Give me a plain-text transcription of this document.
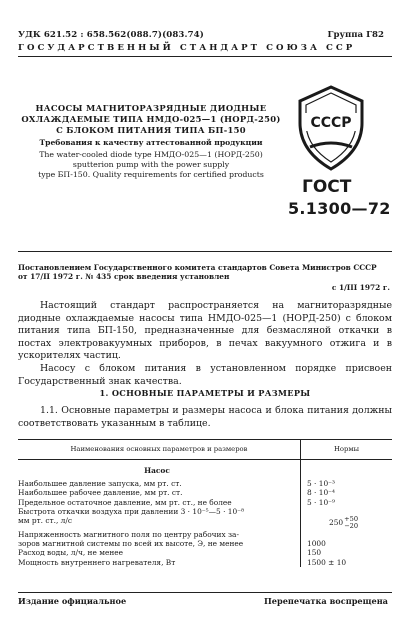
УДК 621.52 : 658.562(088.7)(083.74)	Группа Г82
ГОСУДАРСТВЕННЫЙ СТАНДАРТ СОЮЗА ССР
НАСОСЫ МАГНИТОРАЗРЯДНЫЕ ДИОДНЫЕ
ОХЛАЖДАЕМЫЕ ТИПА НМДО-025—1 (НОРД-250)
С БЛОКОМ ПИТАНИЯ ТИПА БП-150
Требования к качеству аттестованной продукции
The water-cooled diode type НМДО-025—1 (НОРД-250)
sputterion pump with the power supply
type БП-150. Quality requirements for certified products
СССР
ГОСТ
5.1300—72
Постановлением Государственного комитета стандартов Совета Министров СССР
от 17/II 1972 г. № 435 срок введения установлен
с 1/III 1972 г.

Настоящий стандарт распространяется на магниторазрядные диодные охлаждаемые насосы типа НМДО-025—1 (НОРД-250) с блоком питания типа БП-150, предназначенные для безмасляной откачки в постах электровакуумных приборов, в печах вакуумного отжига и в ускорителях частиц.

Насосу с блоком питания в установленном порядке присвоен Государственный знак качества.

1. ОСНОВНЫЕ ПАРАМЕТРЫ И РАЗМЕРЫ

1.1. Основные параметры и размеры насоса и блока питания должны соответствовать указанным в таблице.

Наименования основных параметров и размеров	Нормы
Насос	
Наибольшее давление запуска, мм рт. ст.	5 · 10⁻³
Наибольшее рабочее давление, мм рт. ст.	8 · 10⁻⁴
Предельное остаточное давление, мм рт. ст., не более	5 · 10⁻⁹
Быстрота откачки воздуха при давлении 3 · 10⁻⁵—5 · 10⁻⁸	
мм рт. ст., л/с	250 +50
−20

Напряженность магнитного поля по центру рабочих за-	
зоров магнитной системы по всей их высоте, Э, не менее	1000
Расход воды, л/ч, не менее	150
Мощность внутреннего нагревателя, Вт	1500 ± 10
Издание официальное	Перепечатка воспрещена
